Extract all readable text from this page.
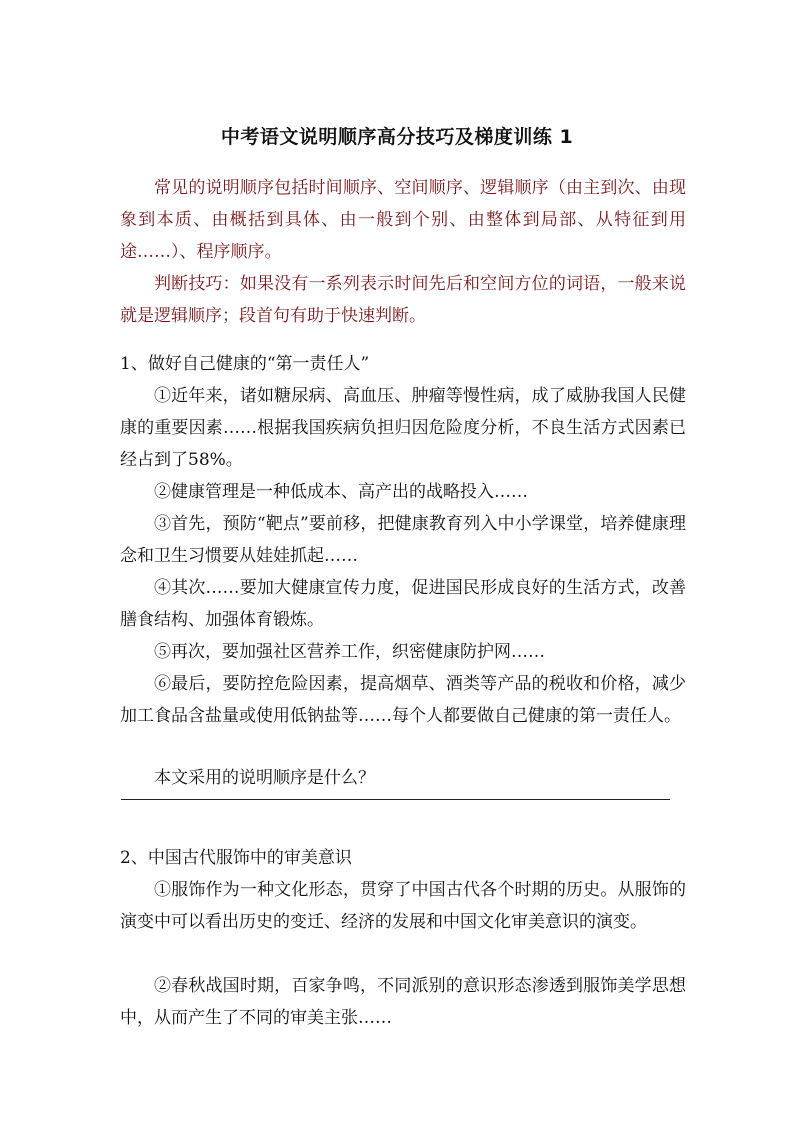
中考语文说明顺序高分技巧及梯度训练 1

常见的说明顺序包括时间顺序、空间顺序、逻辑顺序（由主到次、由现象到本质、由概括到具体、由一般到个别、由整体到局部、从特征到用途……）、程序顺序。

判断技巧：如果没有一系列表示时间先后和空间方位的词语，一般来说就是逻辑顺序；段首句有助于快速判断。

1、做好自己健康的“第一责任人”

①近年来，诸如糖尿病、高血压、肿瘤等慢性病，成了威胁我国人民健康的重要因素……根据我国疾病负担归因危险度分析，不良生活方式因素已经占到了58%。

②健康管理是一种低成本、高产出的战略投入……

③首先，预防“靶点”要前移，把健康教育列入中小学课堂，培养健康理念和卫生习惯要从娃娃抓起……

④其次……要加大健康宣传力度，促进国民形成良好的生活方式，改善膳食结构、加强体育锻炼。

⑤再次，要加强社区营养工作，织密健康防护网……

⑥最后，要防控危险因素，提高烟草、酒类等产品的税收和价格，减少加工食品含盐量或使用低钠盐等……每个人都要做自己健康的第一责任人。

本文采用的说明顺序是什么？

2、中国古代服饰中的审美意识

①服饰作为一种文化形态，贯穿了中国古代各个时期的历史。从服饰的演变中可以看出历史的变迁、经济的发展和中国文化审美意识的演变。

②春秋战国时期，百家争鸣，不同派别的意识形态渗透到服饰美学思想中，从而产生了不同的审美主张……
